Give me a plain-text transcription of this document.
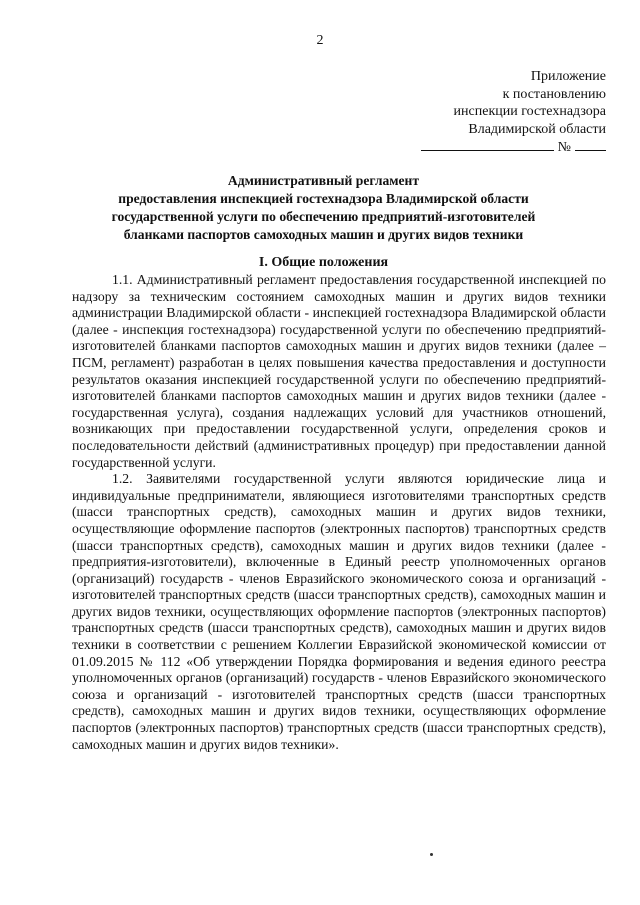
2
Приложение
к постановлению
инспекции гостехнадзора
Владимирской области
№
Административный регламент
предоставления инспекцией гостехнадзора Владимирской области
государственной услуги по обеспечению предприятий-изготовителей
бланками паспортов самоходных машин и других видов техники
I. Общие положения

1.1. Административный регламент предоставления государственной инспекцией по надзору за техническим состоянием самоходных машин и других видов техники администрации Владимирской области - инспекцией гостехнадзора Владимирской области (далее - инспекция гостехнадзора) государственной услуги по обеспечению предприятий-изготовителей бланками паспортов самоходных машин и других видов техники (далее – ПСМ, регламент) разработан в целях повышения качества предоставления и доступности результатов оказания инспекцией государственной услуги по обеспечению предприятий-изготовителей бланками паспортов самоходных машин и других видов техники (далее - государственная услуга), создания надлежащих условий для участников отношений, возникающих при предоставлении государственной услуги, определения сроков и последовательности действий (административных процедур) при предоставлении данной государственной услуги.

1.2. Заявителями государственной услуги являются юридические лица и индивидуальные предприниматели, являющиеся изготовителями транспортных средств (шасси транспортных средств), самоходных машин и других видов техники, осуществляющие оформление паспортов (электронных паспортов) транспортных средств (шасси транспортных средств), самоходных машин и других видов техники (далее - предприятия-изготовители), включенные в Единый реестр уполномоченных органов (организаций) государств - членов Евразийского экономического союза и организаций - изготовителей транспортных средств (шасси транспортных средств), самоходных машин и других видов техники, осуществляющих оформление паспортов (электронных паспортов) транспортных средств (шасси транспортных средств), самоходных машин и других видов техники в соответствии с решением Коллегии Евразийской экономической комиссии от 01.09.2015 № 112 «Об утверждении Порядка формирования и ведения единого реестра уполномоченных органов (организаций) государств - членов Евразийского экономического союза и организаций - изготовителей транспортных средств (шасси транспортных средств), самоходных машин и других видов техники, осуществляющих оформление паспортов (электронных паспортов) транспортных средств (шасси транспортных средств), самоходных машин и других видов техники».
